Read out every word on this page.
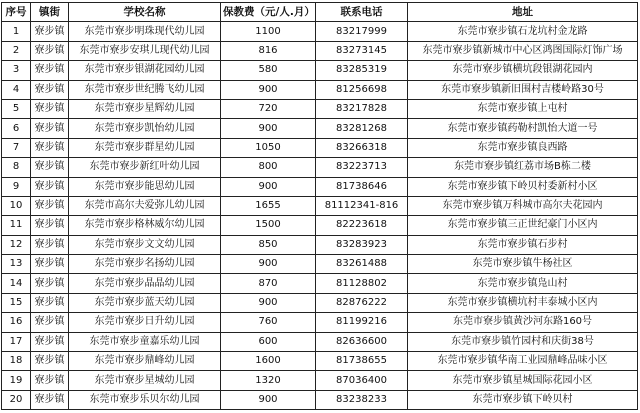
序号	镇街	学校名称	保教费（元/人.月）	联系电话	地址
1	寮步镇	东莞市寮步明珠现代幼儿园	1100	83217999	东莞市寮步镇石龙坑村金龙路
2	寮步镇	东莞市寮步安琪儿现代幼儿园	816	83273145	东莞市寮步镇新城市中心区鸿图国际灯饰广场
3	寮步镇	东莞市寮步银湖花园幼儿园	580	83285319	东莞市寮步镇横坑段银湖花园内
4	寮步镇	东莞市寮步世纪腾飞幼儿园	900	81256698	东莞市寮步镇新旧围村吉楼岭路30号
5	寮步镇	东莞市寮步星辉幼儿园	720	83217828	东莞市寮步镇上屯村
6	寮步镇	东莞市寮步凯怡幼儿园	900	83281268	东莞市寮步镇药勒村凯怡大道一号
7	寮步镇	东莞市寮步群星幼儿园	1050	83266318	东莞市寮步镇良西路
8	寮步镇	东莞市寮步新红叶幼儿园	800	83223713	东莞市寮步镇红荔市场B栋二楼
9	寮步镇	东莞市寮步能思幼儿园	900	81738646	东莞市寮步镇下岭贝村委新村小区
10	寮步镇	东莞市高尔夫爱弥儿幼儿园	1655	81112341-816	东莞市寮步镇万科城市高尔夫花园内
11	寮步镇	东莞市寮步格林威尔幼儿园	1500	82223618	东莞市寮步镇三正世纪豪门小区内
12	寮步镇	东莞市寮步文文幼儿园	850	83283923	东莞市寮步镇石步村
13	寮步镇	东莞市寮步名扬幼儿园	900	83261488	东莞市寮步镇牛杨社区
14	寮步镇	东莞市寮步晶晶幼儿园	870	81128802	东莞市寮步镇凫山村
15	寮步镇	东莞市寮步蓝天幼儿园	900	82876222	东莞市寮步镇横坑村丰泰城小区内
16	寮步镇	东莞市寮步日升幼儿园	760	81199216	东莞市寮步镇黄沙河东路160号
17	寮步镇	东莞市寮步童嘉乐幼儿园	600	82636600	东莞市寮步镇竹园村和庆街38号
18	寮步镇	东莞市寮步鼎峰幼儿园	1600	81738655	东莞市寮步镇华南工业园鼎峰品味小区
19	寮步镇	东莞市寮步星城幼儿园	1320	87036400	东莞市寮步镇星城国际花园小区
20	寮步镇	东莞市寮步乐贝尔幼儿园	900	83238233	东莞市寮步镇下岭贝村
